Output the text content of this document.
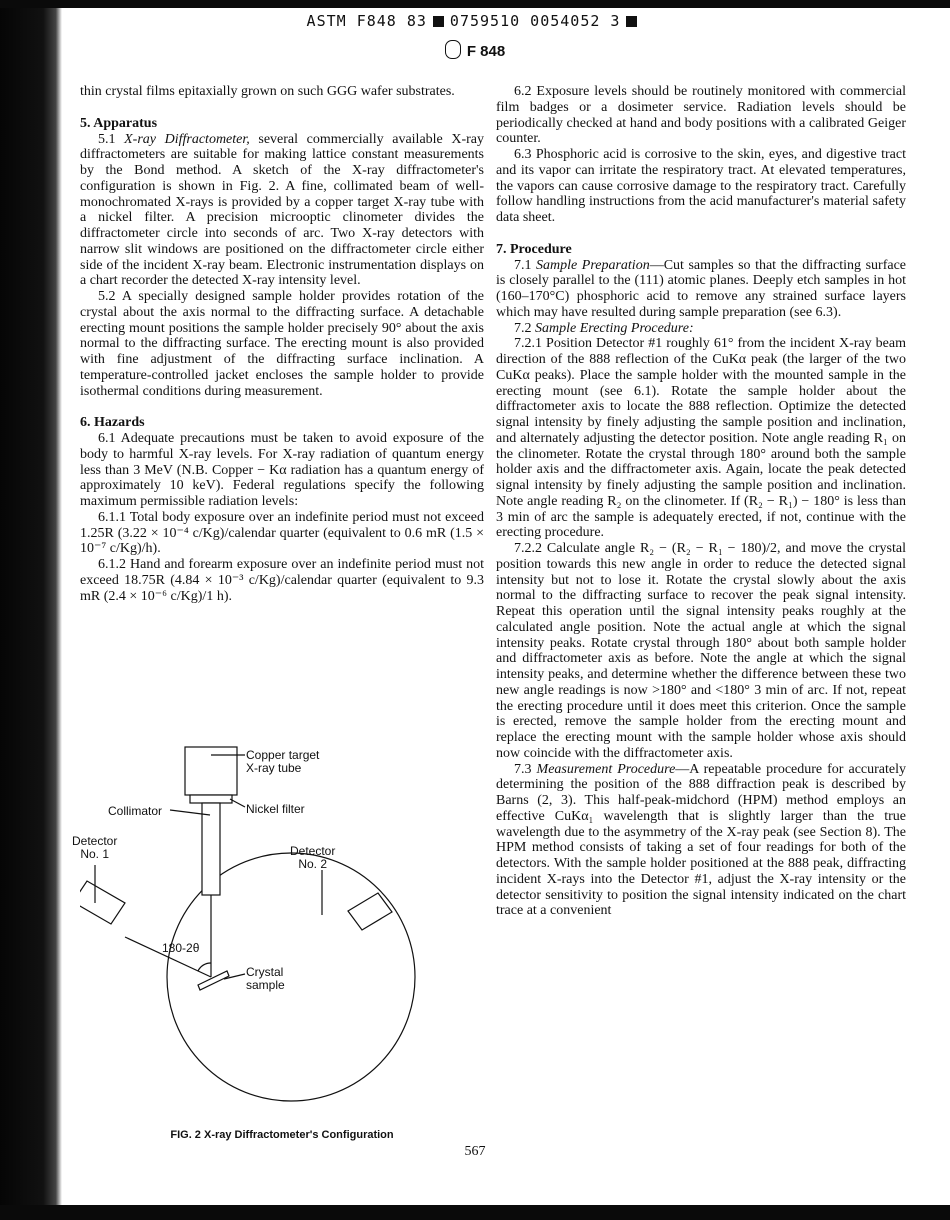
ASTM F848 83 0759510 0054052 3
F 848

thin crystal films epitaxially grown on such GGG wafer substrates.

5. Apparatus

5.1 X-ray Diffractometer, several commercially available X-ray diffractometers are suitable for making lattice constant measurements by the Bond method. A sketch of the X-ray diffractometer's configuration is shown in Fig. 2. A fine, collimated beam of well-monochromated X-rays is provided by a copper target X-ray tube with a nickel filter. A precision microoptic clinometer divides the diffractometer circle into seconds of arc. Two X-ray detectors with narrow slit windows are positioned on the diffractometer circle either side of the incident X-ray beam. Electronic instrumentation displays on a chart recorder the detected X-ray intensity level.

5.2 A specially designed sample holder provides rotation of the crystal about the axis normal to the diffracting surface. A detachable erecting mount positions the sample holder precisely 90° about the axis normal to the diffracting surface. The erecting mount is also provided with fine adjustment of the diffracting surface inclination. A temperature-controlled jacket encloses the sample holder to provide isothermal conditions during measurement.

6. Hazards

6.1 Adequate precautions must be taken to avoid exposure of the body to harmful X-ray levels. For X-ray radiation of quantum energy less than 3 MeV (N.B. Copper − Kα radiation has a quantum energy of approximately 10 keV). Federal regulations specify the following maximum permissible radiation levels:

6.1.1 Total body exposure over an indefinite period must not exceed 1.25R (3.22 × 10⁻⁴ c/Kg)/calendar quarter (equivalent to 0.6 mR (1.5 × 10⁻⁷ c/Kg)/h).

6.1.2 Hand and forearm exposure over an indefinite period must not exceed 18.75R (4.84 × 10⁻³ c/Kg)/calendar quarter (equivalent to 9.3 mR (2.4 × 10⁻⁶ c/Kg)/1 h).

Copper target
X-ray tube
Nickel filter
Collimator
Detector
No. 1	Detector
No. 2
180-2θ
Crystal
sample
FIG. 2 X-ray Diffractometer's Configuration

6.2 Exposure levels should be routinely monitored with commercial film badges or a dosimeter service. Radiation levels should be periodically checked at hand and body positions with a calibrated Geiger counter.

6.3 Phosphoric acid is corrosive to the skin, eyes, and digestive tract and its vapor can irritate the respiratory tract. At elevated temperatures, the vapors can cause corrosive damage to the respiratory tract. Carefully follow handling instructions from the acid manufacturer's material safety data sheet.

7. Procedure

7.1 Sample Preparation—Cut samples so that the diffracting surface is closely parallel to the (111) atomic planes. Deeply etch samples in hot (160–170°C) phosphoric acid to remove any strained surface layers which may have resulted during sample preparation (see 6.3).

7.2 Sample Erecting Procedure:

7.2.1 Position Detector #1 roughly 61° from the incident X-ray beam direction of the 888 reflection of the CuKα peak (the larger of the two CuKα peaks). Place the sample holder with the mounted sample in the erecting mount (see 6.1). Rotate the sample holder about the diffractometer axis to locate the 888 reflection. Optimize the detected signal intensity by finely adjusting the sample position and inclination, and alternately adjusting the detector position. Note angle reading R₁ on the clinometer. Rotate the crystal through 180° around both the sample holder axis and the diffractometer axis. Again, locate the peak detected signal intensity by finely adjusting the sample position and inclination. Note angle reading R₂ on the clinometer. If (R₂ − R₁) − 180° is less than 3 min of arc the sample is adequately erected, if not, continue with the erecting procedure.

7.2.2 Calculate angle R₂ − (R₂ − R₁ − 180)/2, and move the crystal position towards this new angle in order to reduce the detected signal intensity but not to lose it. Rotate the crystal slowly about the axis normal to the diffracting surface to recover the peak signal intensity. Repeat this operation until the signal intensity peaks roughly at the calculated angle position. Note the actual angle at which the signal intensity peaks. Rotate crystal through 180° about both sample holder and diffractometer axis as before. Note the angle at which the signal intensity peaks, and determine whether the difference between these two new angle readings is now >180° and <180° 3 min of arc. If not, repeat the erecting procedure until it does meet this criterion. Once the sample is erected, remove the sample holder from the erecting mount and replace the erecting mount with the sample holder whose axis should now coincide with the diffractometer axis.

7.3 Measurement Procedure—A repeatable procedure for accurately determining the position of the 888 diffraction peak is described by Barns (2, 3). This half-peak-midchord (HPM) method employs an effective CuKα₁ wavelength that is slightly larger than the true wavelength due to the asymmetry of the X-ray peak (see Section 8). The HPM method consists of taking a set of four readings for both of the detectors. With the sample holder positioned at the 888 peak, diffracting incident X-rays into the Detector #1, adjust the X-ray intensity or the detector sensitivity to position the signal intensity indicated on the chart trace at a convenient

567
